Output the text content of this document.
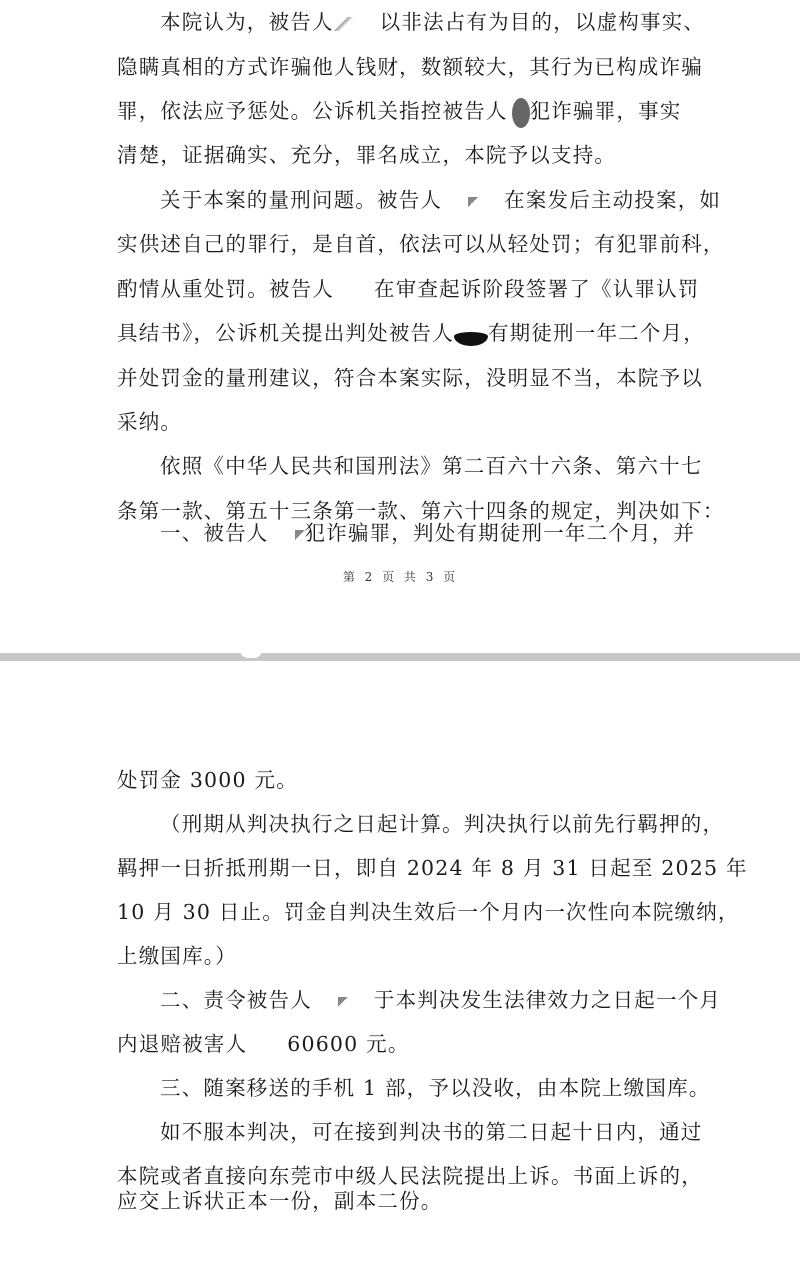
本院认为，被告人 以非法占有为目的，以虚构事实、
隐瞒真相的方式诈骗他人钱财，数额较大，其行为已构成诈骗
罪，依法应予惩处。公诉机关指控被告人 犯诈骗罪，事实
清楚，证据确实、充分，罪名成立，本院予以支持。
关于本案的量刑问题。被告人	在案发后主动投案，如
实供述自己的罪行，是自首，依法可以从轻处罚；有犯罪前科，
酌情从重处罚。被告人 在审查起诉阶段签署了《认罪认罚
具结书》，公诉机关提出判处被告人 有期徒刑一年二个月，
并处罚金的量刑建议，符合本案实际，没明显不当，本院予以
采纳。
依照《中华人民共和国刑法》第二百六十六条、第六十七
条第一款、第五十三条第一款、第六十四条的规定，判决如下：
一、被告人 犯诈骗罪，判处有期徒刑一年二个月，并
第 2 页 共 3 页
处罚金 3000 元。
（刑期从判决执行之日起计算。判决执行以前先行羁押的，
羁押一日折抵刑期一日，即自 2024 年 8 月 31 日起至 2025 年
10 月 30 日止。罚金自判决生效后一个月内一次性向本院缴纳，
上缴国库。）
二、责令被告人	于本判决发生法律效力之日起一个月
内退赔被害人 60600 元。
三、随案移送的手机 1 部，予以没收，由本院上缴国库。
如不服本判决，可在接到判决书的第二日起十日内，通过
本院或者直接向东莞市中级人民法院提出上诉。书面上诉的，
应交上诉状正本一份，副本二份。
